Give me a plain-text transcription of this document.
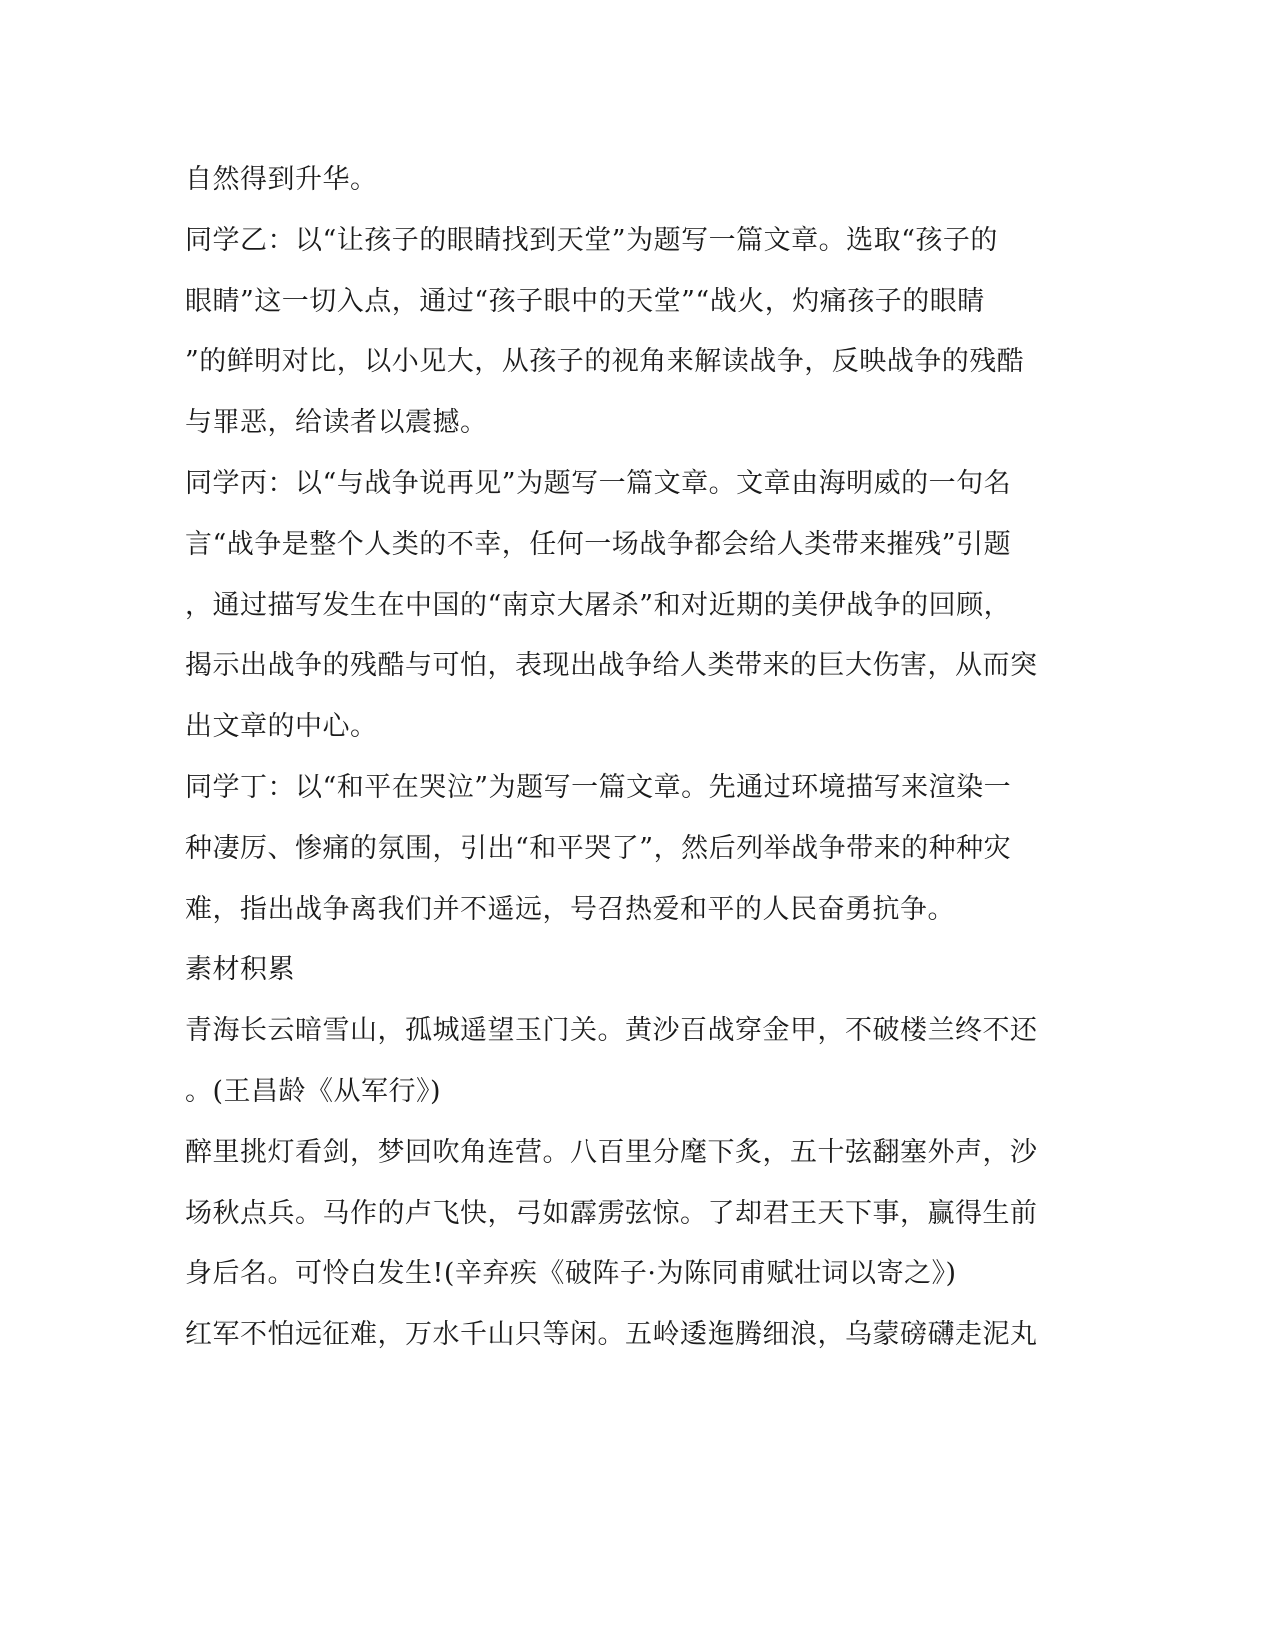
自然得到升华。
同学乙：以“让孩子的眼睛找到天堂”为题写一篇文章。选取“孩子的
眼睛”这一切入点，通过“孩子眼中的天堂”“战火，灼痛孩子的眼睛
”的鲜明对比，以小见大，从孩子的视角来解读战争，反映战争的残酷
与罪恶，给读者以震撼。
同学丙：以“与战争说再见”为题写一篇文章。文章由海明威的一句名
言“战争是整个人类的不幸，任何一场战争都会给人类带来摧残”引题
，通过描写发生在中国的“南京大屠杀”和对近期的美伊战争的回顾，
揭示出战争的残酷与可怕，表现出战争给人类带来的巨大伤害，从而突
出文章的中心。
同学丁：以“和平在哭泣”为题写一篇文章。先通过环境描写来渲染一
种凄厉、惨痛的氛围，引出“和平哭了”，然后列举战争带来的种种灾
难，指出战争离我们并不遥远，号召热爱和平的人民奋勇抗争。
素材积累
青海长云暗雪山，孤城遥望玉门关。黄沙百战穿金甲，不破楼兰终不还
。(王昌龄《从军行》)
醉里挑灯看剑，梦回吹角连营。八百里分麾下炙，五十弦翻塞外声，沙
场秋点兵。马作的卢飞快，弓如霹雳弦惊。了却君王天下事，赢得生前
身后名。可怜白发生!(辛弃疾《破阵子·为陈同甫赋壮词以寄之》)
红军不怕远征难，万水千山只等闲。五岭逶迤腾细浪，乌蒙磅礴走泥丸
